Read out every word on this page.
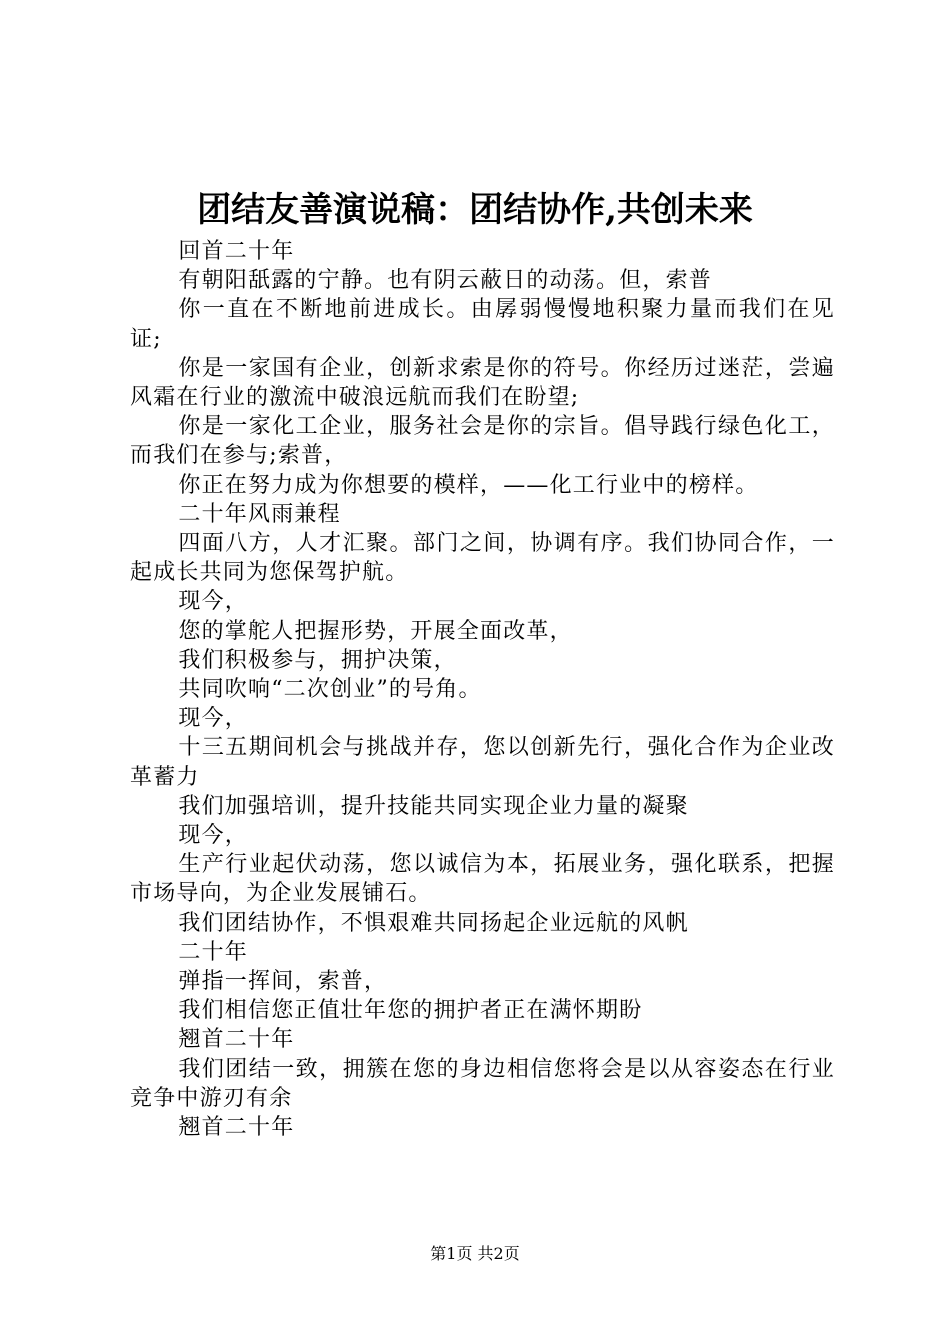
团结友善演说稿：团结协作,共创未来

回首二十年

有朝阳舐露的宁静。也有阴云蔽日的动荡。但，索普

你一直在不断地前进成长。由孱弱慢慢地积聚力量而我们在见证;

你是一家国有企业，创新求索是你的符号。你经历过迷茫，尝遍风霜在行业的激流中破浪远航而我们在盼望;

你是一家化工企业，服务社会是你的宗旨。倡导践行绿色化工，而我们在参与;索普，

你正在努力成为你想要的模样，——化工行业中的榜样。

二十年风雨兼程

四面八方，人才汇聚。部门之间，协调有序。我们协同合作，一起成长共同为您保驾护航。

现今，

您的掌舵人把握形势，开展全面改革，

我们积极参与，拥护决策，

共同吹响“二次创业”的号角。

现今，

十三五期间机会与挑战并存，您以创新先行，强化合作为企业改革蓄力

我们加强培训，提升技能共同实现企业力量的凝聚

现今，

生产行业起伏动荡，您以诚信为本，拓展业务，强化联系，把握市场导向，为企业发展铺石。

我们团结协作，不惧艰难共同扬起企业远航的风帆

二十年

弹指一挥间，索普，

我们相信您正值壮年您的拥护者正在满怀期盼

翘首二十年

我们团结一致，拥簇在您的身边相信您将会是以从容姿态在行业竞争中游刃有余

翘首二十年

第1页 共2页
